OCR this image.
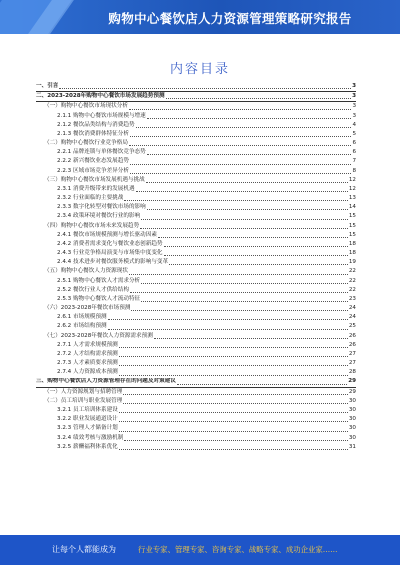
购物中心餐饮店人力资源管理策略研究报告
内容目录
一、引言	3
二、2023-2028年购物中心餐饮市场发展趋势预测	3
（一）购物中心餐饮市场现状分析	3
2.1.1 购物中心餐饮市场规模与增速	3
2.1.2 餐饮品类结构与消费趋势	4
2.1.3 餐饮消费群体特征分析	5
（二）购物中心餐饮行业竞争格局	6
2.2.1 品牌连锁与单体餐饮竞争态势	6
2.2.2 新兴餐饮业态发展趋势	7
2.2.3 区域市场竞争差异分析	8
（三）购物中心餐饮市场发展机遇与挑战	12
2.3.1 消费升级带来的发展机遇	12
2.3.2 行业面临的主要挑战	13
2.3.3 数字化转型对餐饮市场的影响	14
2.3.4 政策环境对餐饮行业的影响	15
（四）购物中心餐饮市场未来发展趋势	15
2.4.1 餐饮市场规模预测与增长驱动因素	15
2.4.2 消费者需求变化与餐饮业态创新趋势	18
2.4.3 行业竞争格局演变与市场集中度变化	18
2.4.4 技术进步对餐饮服务模式的影响与变革	19
（五）购物中心餐饮人力资源现状	22
2.5.1 购物中心餐饮人才需求分析	22
2.5.2 餐饮行业人才供给结构	22
2.5.3 购物中心餐饮人才流动特征	23
（六）2023-2028年餐饮市场预测	24
2.6.1 市场规模预测	24
2.6.2 市场结构预测	25
（七）2023-2028年餐饮人力资源需求预测	26
2.7.1 人才需求规模预测	26
2.7.2 人才结构需求预测	27
2.7.3 人才素质要求预测	27
2.7.4 人力资源成本预测	28
三、购物中心餐饮店人力资源管理存在的问题及对策建议	29
（一）人力资源规划与招聘管理	29
（二）员工培训与职业发展管理	30
3.2.1 员工培训体系建设	30
3.2.2 职业发展通道设计	30
3.2.3 管理人才储备计划	30
3.2.4 绩效考核与激励机制	30
3.2.5 薪酬福利体系优化	31
让每个人都能成为	行业专家、管理专家、咨询专家、战略专家、成功企业家……
